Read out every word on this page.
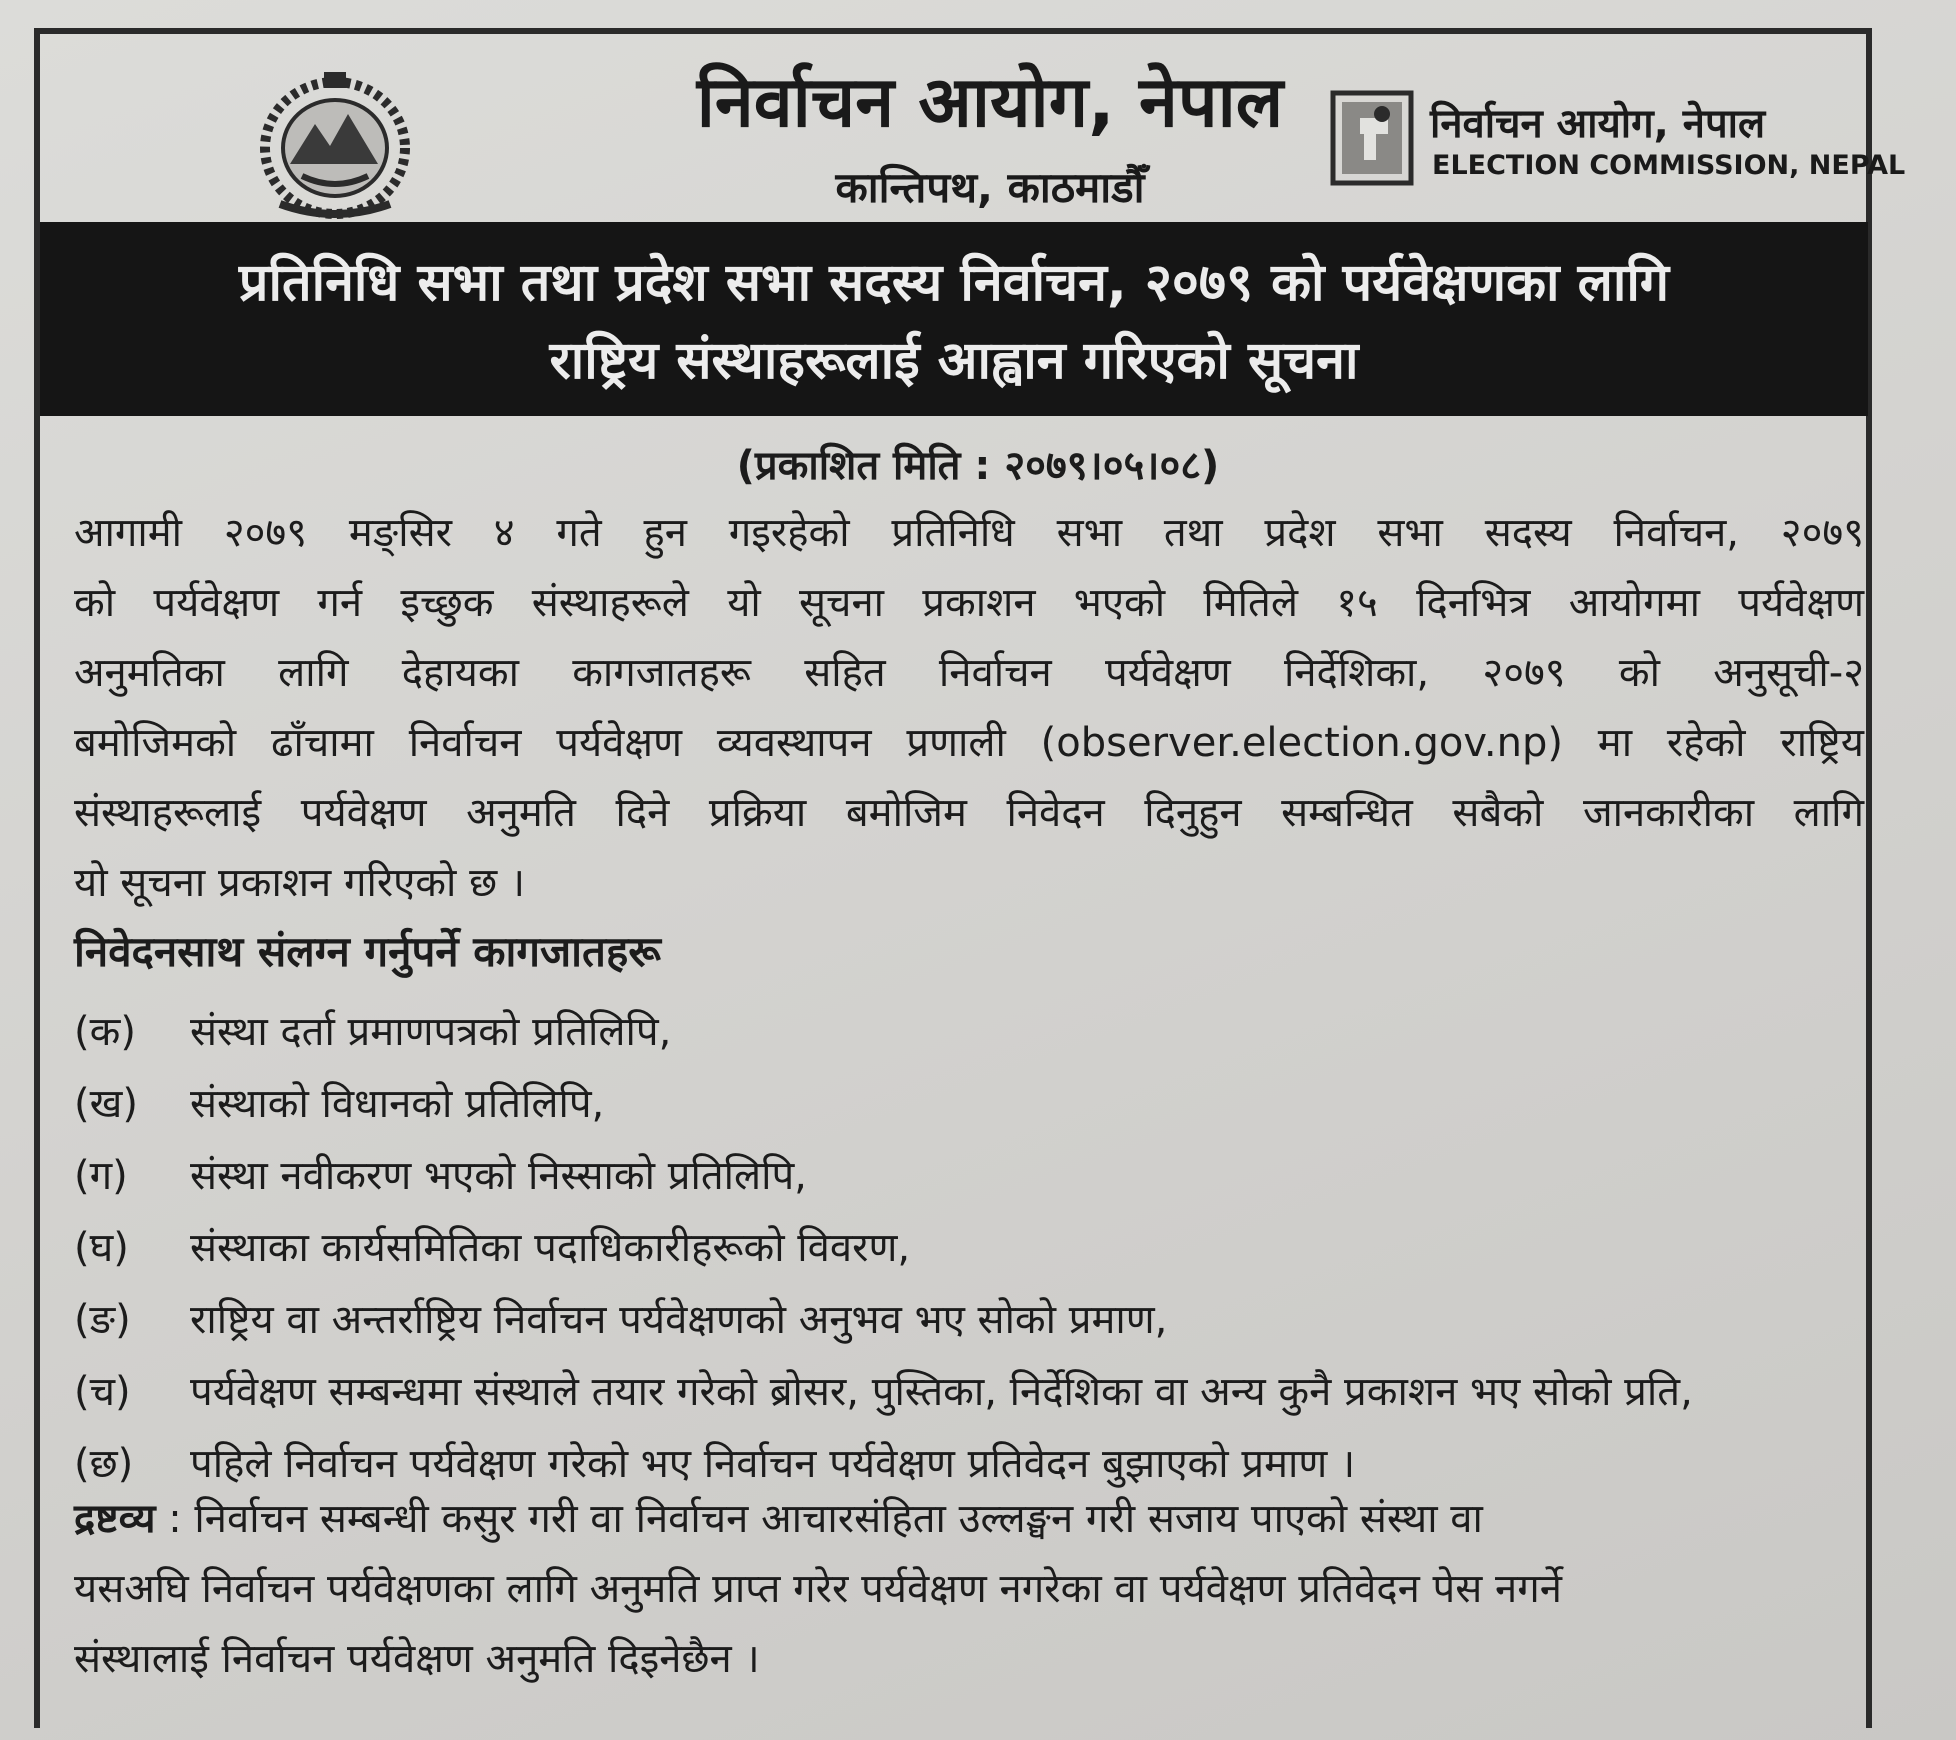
निर्वाचन आयोग, नेपाल
कान्तिपथ, काठमाडौँ
निर्वाचन आयोग, नेपाल
ELECTION COMMISSION, NEPAL
प्रतिनिधि सभा तथा प्रदेश सभा सदस्य निर्वाचन, २०७९ को पर्यवेक्षणका लागि
राष्ट्रिय संस्थाहरूलाई आह्वान गरिएको सूचना
(प्रकाशित मिति : २०७९।०५।०८)
आगामी २०७९ मङ्सिर ४ गते हुन गइरहेको प्रतिनिधि सभा तथा प्रदेश सभा सदस्य निर्वाचन, २०७९
को पर्यवेक्षण गर्न इच्छुक संस्थाहरूले यो सूचना प्रकाशन भएको मितिले १५ दिनभित्र आयोगमा पर्यवेक्षण
अनुमतिका लागि देहायका कागजातहरू सहित निर्वाचन पर्यवेक्षण निर्देशिका, २०७९ को अनुसूची-२
बमोजिमको ढाँचामा निर्वाचन पर्यवेक्षण व्यवस्थापन प्रणाली (observer.election.gov.np) मा रहेको राष्ट्रिय
संस्थाहरूलाई पर्यवेक्षण अनुमति दिने प्रक्रिया बमोजिम निवेदन दिनुहुन सम्बन्धित सबैको जानकारीका लागि
यो सूचना प्रकाशन गरिएको छ ।
निवेदनसाथ संलग्न गर्नुपर्ने कागजातहरू
(क)	संस्था दर्ता प्रमाणपत्रको प्रतिलिपि,
(ख)	संस्थाको विधानको प्रतिलिपि,
(ग)	संस्था नवीकरण भएको निस्साको प्रतिलिपि,
(घ)	संस्थाका कार्यसमितिका पदाधिकारीहरूको विवरण,
(ङ)	राष्ट्रिय वा अन्तर्राष्ट्रिय निर्वाचन पर्यवेक्षणको अनुभव भए सोको प्रमाण,
(च)	पर्यवेक्षण सम्बन्धमा संस्थाले तयार गरेको ब्रोसर, पुस्तिका, निर्देशिका वा अन्य कुनै प्रकाशन भए सोको प्रति,
(छ)	पहिले निर्वाचन पर्यवेक्षण गरेको भए निर्वाचन पर्यवेक्षण प्रतिवेदन बुझाएको प्रमाण ।
द्रष्टव्य : निर्वाचन सम्बन्धी कसुर गरी वा निर्वाचन आचारसंहिता उल्लङ्घन गरी सजाय पाएको संस्था वा
यसअघि निर्वाचन पर्यवेक्षणका लागि अनुमति प्राप्त गरेर पर्यवेक्षण नगरेका वा पर्यवेक्षण प्रतिवेदन पेस नगर्ने
संस्थालाई निर्वाचन पर्यवेक्षण अनुमति दिइनेछैन ।
